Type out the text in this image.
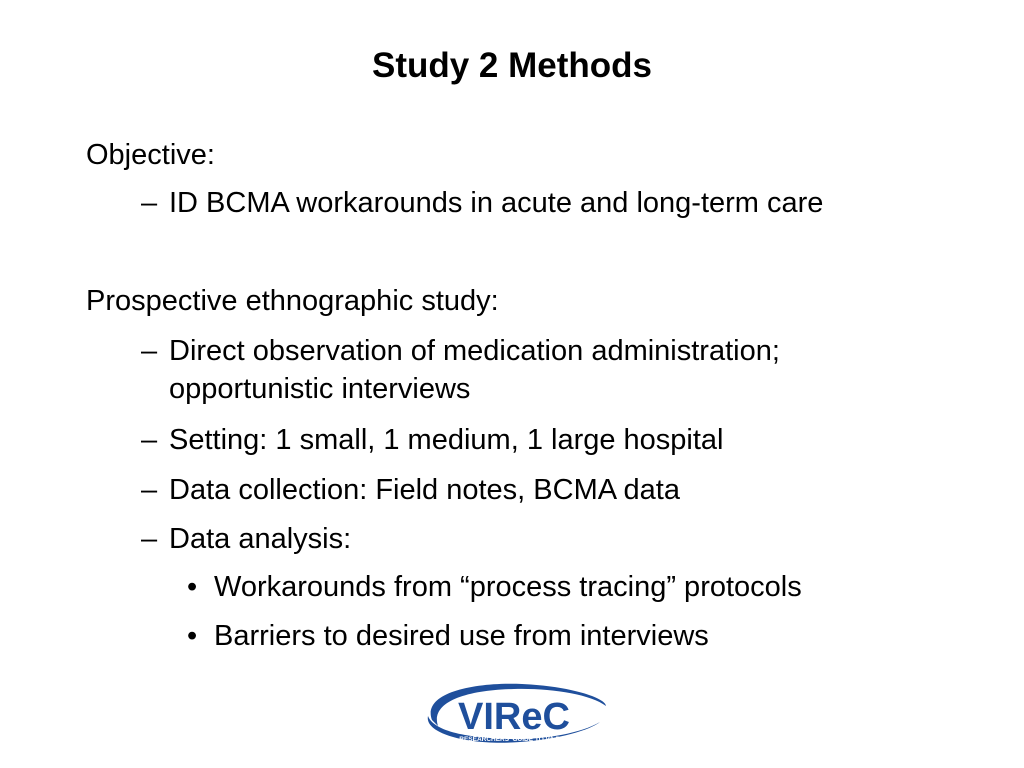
Study 2 Methods
Objective:
– ID BCMA workarounds in acute and long-term care
Prospective ethnographic study:
– Direct observation of medication administration;
opportunistic interviews
– Setting: 1 small, 1 medium, 1 large hospital
– Data collection: Field notes, BCMA data
– Data analysis:
• Workarounds from “process tracing” protocols
• Barriers to desired use from interviews
VIReC
RESEARCHERS' GUIDE TO VA DATA
